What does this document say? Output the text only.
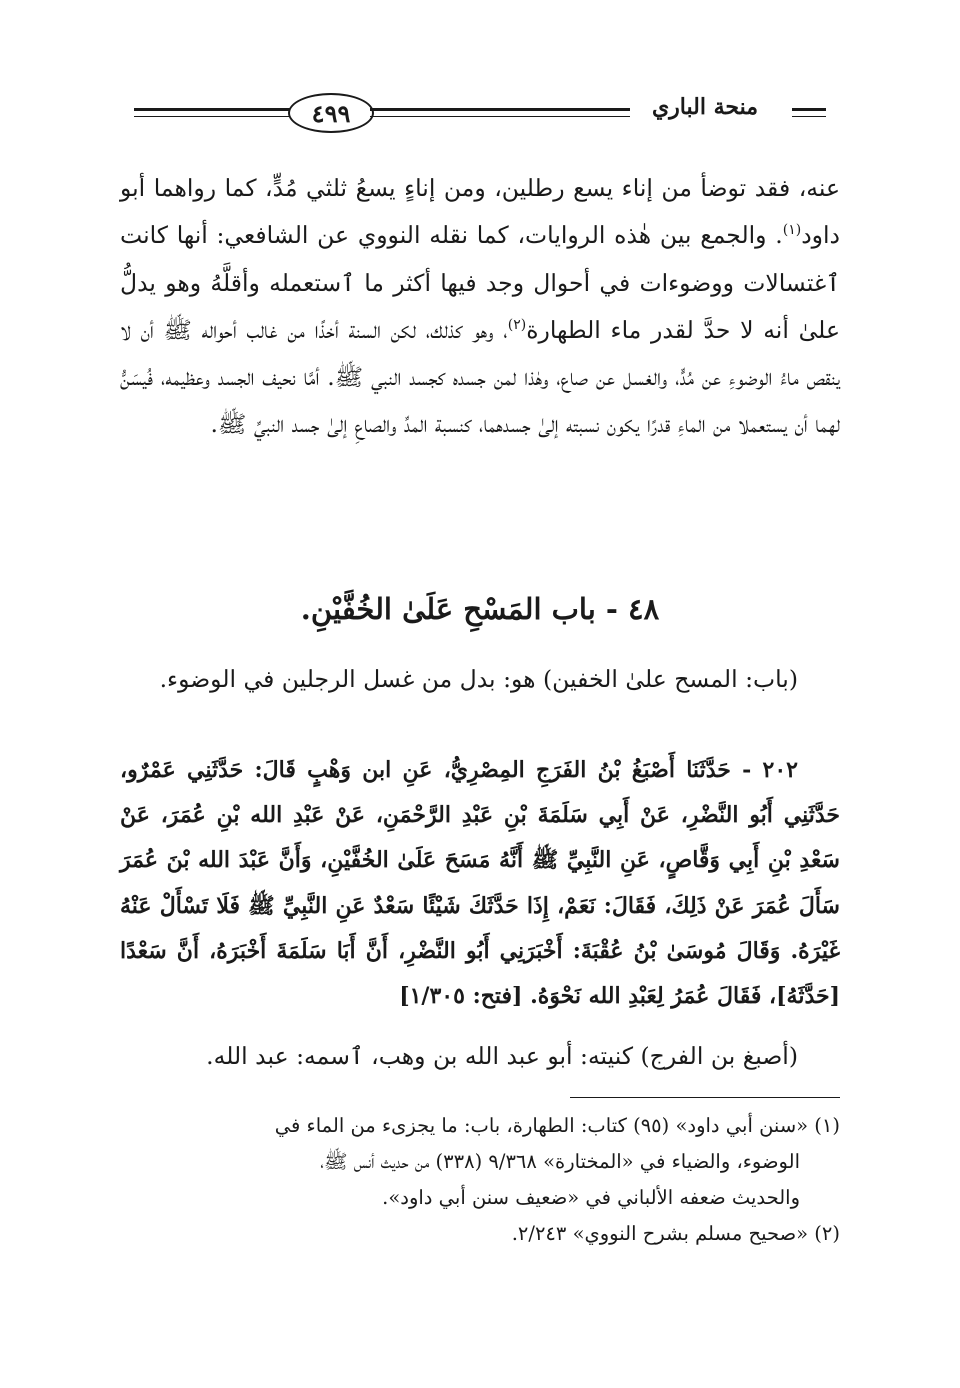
٤٩٩	منحة الباري

عنه، فقد توضأ من إناء يسع رطلين، ومن إناءٍ يسعُ ثلثي مُدٍّ، كما رواهما أبو داود$^{(١)}$. والجمع بين هٰذه الروايات، كما نقله النووي عن الشافعي: أنها كانت ٱغتسالات ووضوءات في أحوال وجد فيها أكثر ما ٱستعمله وأقلَّهُ وهو يدلُّ علىٰ أنه لا حدَّ لقدر ماء الطهارة$^{(٢)}$، وهو كذلك، لكن السنة أخذًا من غالب أحواله ﷺ أن لا ينقص ماءُ الوضوءِ عن مُدٍّ، والغسل عن صاع، وهٰذا لمن جسده كجسد النبي ﷺ. أمَّا نحيف الجسد وعظيمه، فُيسَنُّ لهما أن يستعملا من الماءِ قدرًا يكون نسبته إلىٰ جسدهما، كنسبة المدِّ والصاعِ إلىٰ جسد النبيِّ ﷺ.

٤٨ - باب المَسْحِ عَلَىٰ الخُفَّيْنِ.

(باب: المسح علىٰ الخفين) هو: بدل من غسل الرجلين في الوضوء.

٢٠٢ - حَدَّثَنَا أَصْبَغُ بْنُ الفَرَجِ المِصْرِيُّ، عَنِ ابن وَهْبٍ قَالَ: حَدَّثَنِي عَمْرٌو، حَدَّثَنِي أَبُو النَّضْرِ، عَنْ أَبِي سَلَمَةَ بْنِ عَبْدِ الرَّحْمَنِ، عَنْ عَبْدِ الله بْنِ عُمَرَ، عَنْ سَعْدِ بْنِ أَبِي وَقَّاصٍ، عَنِ النَّبِيِّ ﷺ أَنَّهُ مَسَحَ عَلَىٰ الخُفَّيْنِ، وَأَنَّ عَبْدَ الله بْنَ عُمَرَ سَأَلَ عُمَرَ عَنْ ذَلِكَ، فَقَالَ: نَعَمْ، إِذَا حَدَّثَكَ شَيْئًا سَعْدٌ عَنِ النَّبِيِّ ﷺ فَلَا تَسْأَلْ عَنْهُ غَيْرَهُ. وَقَالَ مُوسَىٰ بْنُ عُقْبَةَ: أَخْبَرَنِي أَبُو النَّضْرِ، أَنَّ أَبَا سَلَمَةَ أَخْبَرَهُ، أَنَّ سَعْدًا [حَدَّثَهُ]، فَقَالَ عُمَرُ لِعَبْدِ الله نَحْوَهُ. [فتح: ١/٣٠٥]

(أصبغ بن الفرج) كنيته: أبو عبد الله بن وهب، ٱسمه: عبد الله.

(١) «سنن أبي داود» (٩٥) كتاب: الطهارة، باب: ما يجزىء من الماء في

الوضوء، والضياء في «المختارة» ٩/٣٦٨ (٣٣٨) من حديث أنس ﷺ،

والحديث ضعفه الألباني في «ضعيف سنن أبي داود».

(٢) «صحيح مسلم بشرح النووي» ٢/٢٤٣.
